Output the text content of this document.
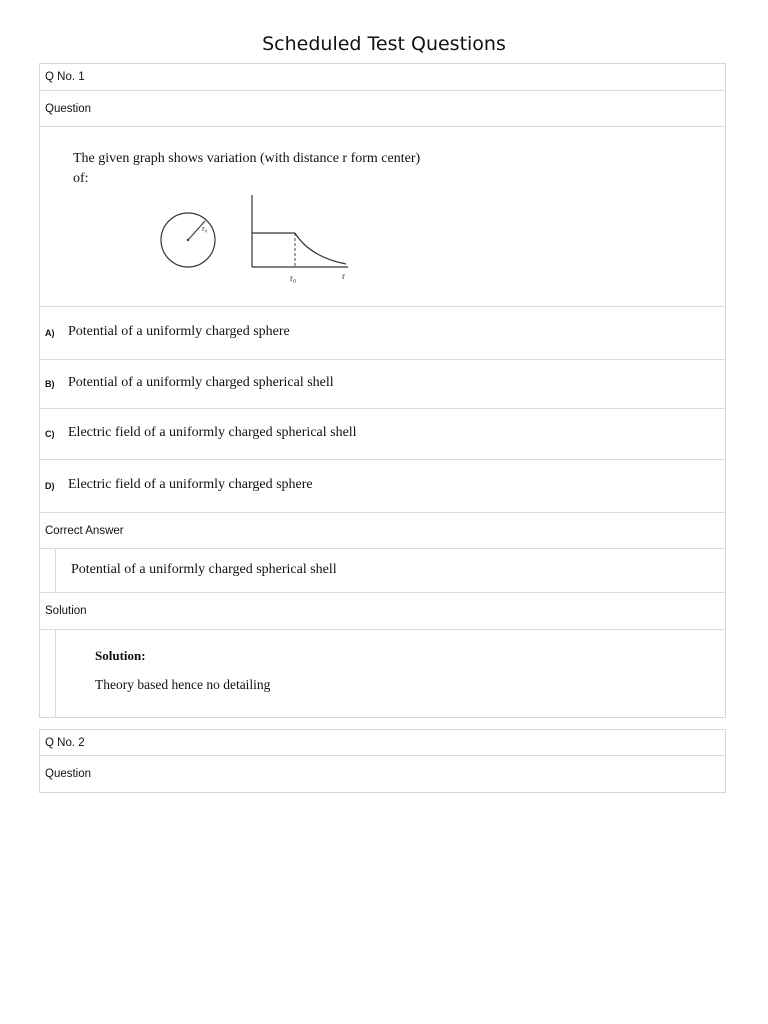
Scheduled Test Questions
Q No. 1
Question
The given graph shows variation (with distance r form center)
of:
r₀
r₀	r
A) Potential of a uniformly charged sphere
B) Potential of a uniformly charged spherical shell
C) Electric field of a uniformly charged spherical shell
D) Electric field of a uniformly charged sphere
Correct Answer
Potential of a uniformly charged spherical shell
Solution
Solution:
Theory based hence no detailing
Q No. 2
Question
